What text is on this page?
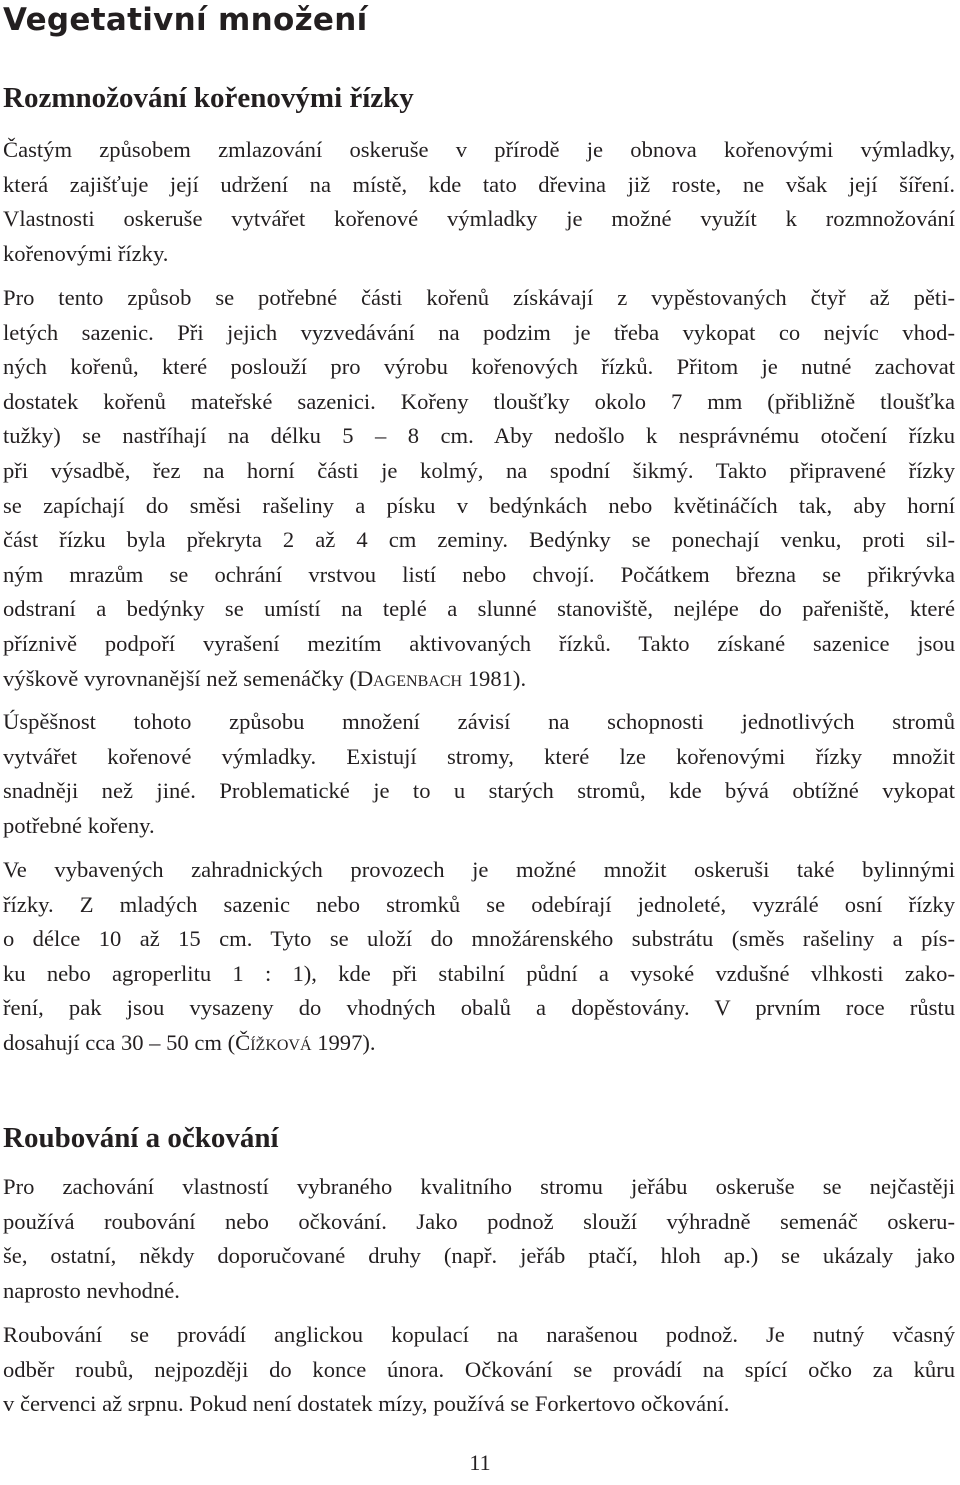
Vegetativní množení
Rozmnožování kořenovými řízky
Častým způsobem zmlazování oskeruše v přírodě je obnova kořenovými výmladky,
která zajišťuje její udržení na místě, kde tato dřevina již roste, ne však její šíření.
Vlastnosti oskeruše vytvářet kořenové výmladky je možné využít k rozmnožování
kořenovými řízky.
Pro tento způsob se potřebné části kořenů získávají z vypěstovaných čtyř až pěti-
letých sazenic. Při jejich vyzvedávání na podzim je třeba vykopat co nejvíc vhod-
ných kořenů, které poslouží pro výrobu kořenových řízků. Přitom je nutné zachovat
dostatek kořenů mateřské sazenici. Kořeny tloušťky okolo 7 mm (přibližně tloušťka
tužky) se nastříhají na délku 5 – 8 cm. Aby nedošlo k nesprávnému otočení řízku
při výsadbě, řez na horní části je kolmý, na spodní šikmý. Takto připravené řízky
se zapíchají do směsi rašeliny a písku v bedýnkách nebo květináčích tak, aby horní
část řízku byla překryta 2 až 4 cm zeminy. Bedýnky se ponechají venku, proti sil-
ným mrazům se ochrání vrstvou listí nebo chvojí. Počátkem března se přikrývka
odstraní a bedýnky se umístí na teplé a slunné stanoviště, nejlépe do pařeniště, které
příznivě podpoří vyrašení mezitím aktivovaných řízků. Takto získané sazenice jsou
výškově vyrovnanější než semenáčky (Dagenbach 1981).
Úspěšnost tohoto způsobu množení závisí na schopnosti jednotlivých stromů
vytvářet kořenové výmladky. Existují stromy, které lze kořenovými řízky množit
snadněji než jiné. Problematické je to u starých stromů, kde bývá obtížné vykopat
potřebné kořeny.
Ve vybavených zahradnických provozech je možné množit oskeruši také bylinnými
řízky. Z mladých sazenic nebo stromků se odebírají jednoleté, vyzrálé osní řízky
o délce 10 až 15 cm. Tyto se uloží do množárenského substrátu (směs rašeliny a pís-
ku nebo agroperlitu 1 : 1), kde při stabilní půdní a vysoké vzdušné vlhkosti zako-
ření, pak jsou vysazeny do vhodných obalů a dopěstovány. V prvním roce růstu
dosahují cca 30 – 50 cm (Čížková 1997).
Roubování a očkování
Pro zachování vlastností vybraného kvalitního stromu jeřábu oskeruše se nejčastěji
používá roubování nebo očkování. Jako podnož slouží výhradně semenáč oskeru-
še, ostatní, někdy doporučované druhy (např. jeřáb ptačí, hloh ap.) se ukázaly jako
naprosto nevhodné.
Roubování se provádí anglickou kopulací na narašenou podnož. Je nutný včasný
odběr roubů, nejpozději do konce února. Očkování se provádí na spící očko za kůru
v červenci až srpnu. Pokud není dostatek mízy, používá se Forkertovo očkování.
11
